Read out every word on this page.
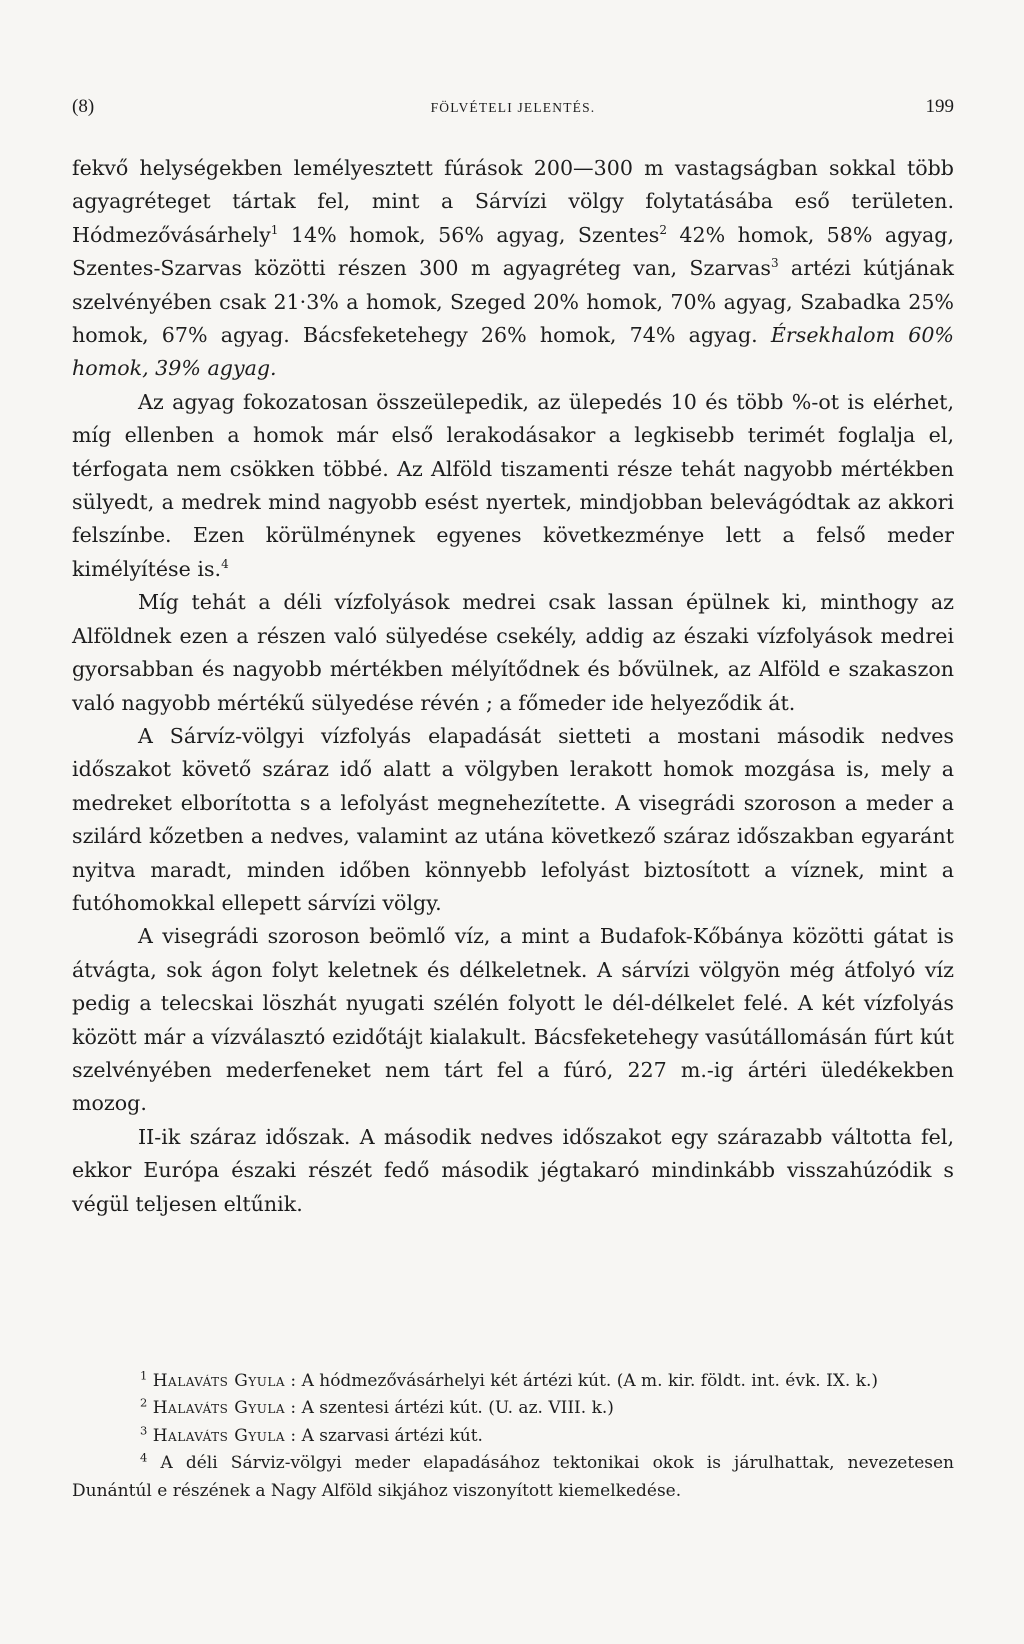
(8)	FÖLVÉTELI JELENTÉS.	199

fekvő helységekben lemélyesztett fúrások 200—300 m vastagságban sokkal több agyagréteget tártak fel, mint a Sárvízi völgy folytatásába eső területen. Hódmezővásárhely$^1$ 14% homok, 56% agyag, Szentes$^2$ 42% homok, 58% agyag, Szentes-Szarvas közötti részen 300 m agyagréteg van, Szarvas$^3$ artézi kútjának szelvényében csak 21·3% a homok, Szeged 20% homok, 70% agyag, Szabadka 25% homok, 67% agyag. Bácsfeketehegy 26% homok, 74% agyag. Érsekhalom 60% homok, 39% agyag.

Az agyag fokozatosan összeülepedik, az ülepedés 10 és több %-ot is elérhet, míg ellenben a homok már első lerakodásakor a legkisebb terimét foglalja el, térfogata nem csökken többé. Az Alföld tiszamenti része tehát nagyobb mértékben sülyedt, a medrek mind nagyobb esést nyertek, mindjobban belevágódtak az akkori felszínbe. Ezen körülménynek egyenes következménye lett a felső meder kimélyítése is.$^4$

Míg tehát a déli vízfolyások medrei csak lassan épülnek ki, minthogy az Alföldnek ezen a részen való sülyedése csekély, addig az északi vízfolyások medrei gyorsabban és nagyobb mértékben mélyítődnek és bővülnek, az Alföld e szakaszon való nagyobb mértékű sülyedése révén ; a főmeder ide helyeződik át.

A Sárvíz-völgyi vízfolyás elapadását sietteti a mostani második nedves időszakot követő száraz idő alatt a völgyben lerakott homok mozgása is, mely a medreket elborította s a lefolyást megnehezítette. A visegrádi szoroson a meder a szilárd kőzetben a nedves, valamint az utána következő száraz időszakban egyaránt nyitva maradt, minden időben könnyebb lefolyást biztosított a víznek, mint a futóhomokkal ellepett sárvízi völgy.

A visegrádi szoroson beömlő víz, a mint a Budafok-Kőbánya közötti gátat is átvágta, sok ágon folyt keletnek és délkeletnek. A sárvízi völgyön még átfolyó víz pedig a telecskai löszhát nyugati szélén folyott le dél-délkelet felé. A két vízfolyás között már a vízválasztó ezidőtájt kialakult. Bácsfeketehegy vasútállomásán fúrt kút szelvényében mederfeneket nem tárt fel a fúró, 227 m.-ig ártéri üledékekben mozog.

II-ik száraz időszak. A második nedves időszakot egy szárazabb váltotta fel, ekkor Európa északi részét fedő második jégtakaró mindinkább visszahúzódik s végül teljesen eltűnik.

$^1$ Halaváts Gyula : A hódmezővásárhelyi két ártézi kút. (A m. kir. földt. int. évk. IX. k.)

$^2$ Halaváts Gyula : A szentesi ártézi kút. (U. az. VIII. k.)

$^3$ Halaváts Gyula : A szarvasi ártézi kút.

$^4$ A déli Sárviz-völgyi meder elapadásához tektonikai okok is járulhattak, nevezetesen Dunántúl e részének a Nagy Alföld sikjához viszonyított kiemelkedése.
